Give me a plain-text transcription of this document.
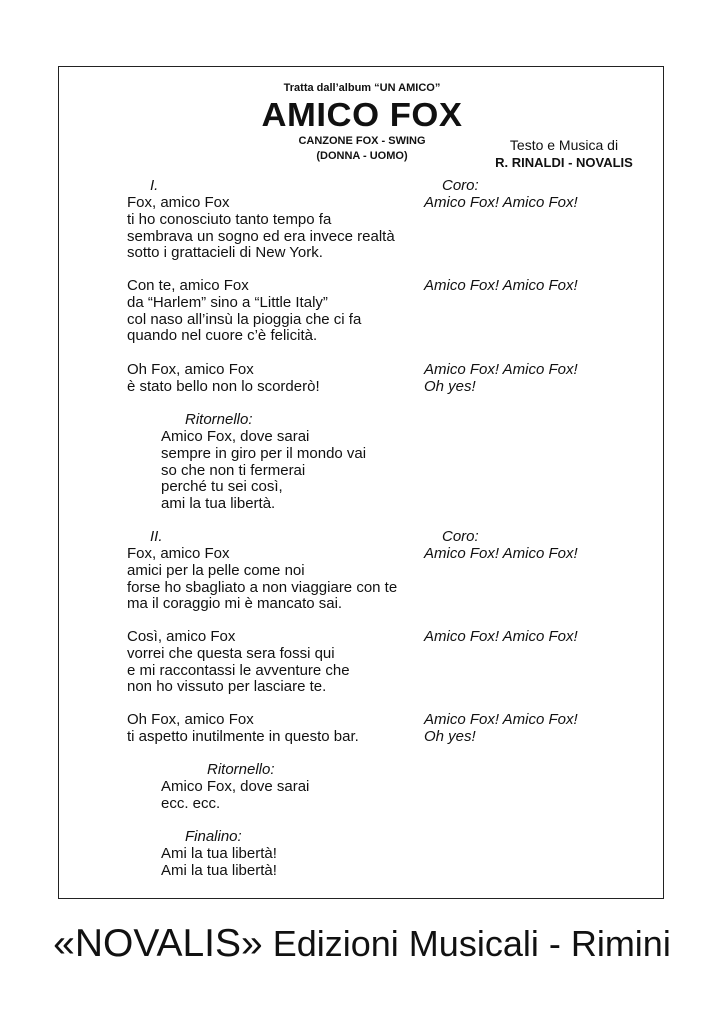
Tratta dall’album “UN AMICO”
AMICO FOX
CANZONE FOX - SWING
(DONNA - UOMO)
Testo e Musica di
R. RINALDI - NOVALIS
I.	Coro:
Fox, amico Fox
ti ho conosciuto tanto tempo fa
sembrava un sogno ed era invece realtà
sotto i grattacieli di New York.
Amico Fox! Amico Fox!
Con te, amico Fox
da “Harlem” sino a “Little Italy”
col naso all’insù la pioggia che ci fa
quando nel cuore c’è felicità.
Amico Fox! Amico Fox!
Oh Fox, amico Fox
è stato bello non lo scorderò!
Amico Fox! Amico Fox!
Oh yes!
Ritornello:
Amico Fox, dove sarai
sempre in giro per il mondo vai
so che non ti fermerai
perché tu sei così,
ami la tua libertà.
II.	Coro:
Fox, amico Fox
amici per la pelle come noi
forse ho sbagliato a non viaggiare con te
ma il coraggio mi è mancato sai.
Amico Fox! Amico Fox!
Così, amico Fox
vorrei che questa sera fossi qui
e mi raccontassi le avventure che
non ho vissuto per lasciare te.
Amico Fox! Amico Fox!
Oh Fox, amico Fox
ti aspetto inutilmente in questo bar.
Amico Fox! Amico Fox!
Oh yes!
Ritornello:
Amico Fox, dove sarai
ecc. ecc.
Finalino:
Ami la tua libertà!
Ami la tua libertà!
«NOVALIS» Edizioni Musicali - Rimini
